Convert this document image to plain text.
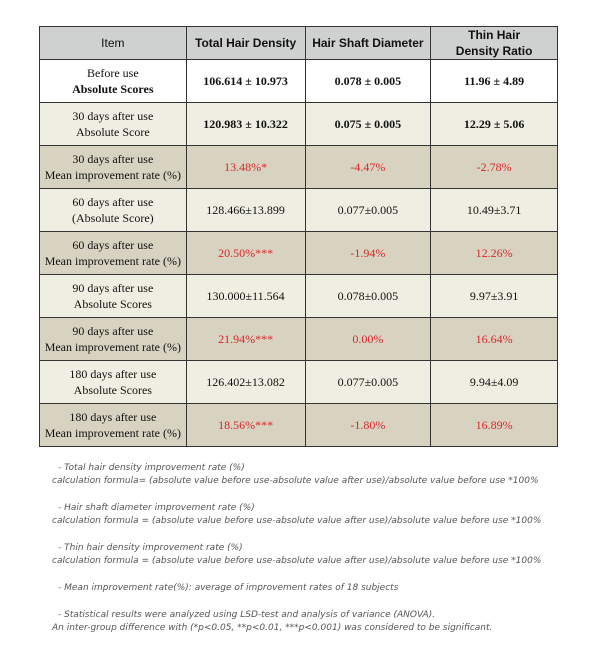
Item	Total Hair Density	Hair Shaft Diameter	Thin Hair
Density Ratio
Before use
Absolute Scores	106.614 ± 10.973	0.078 ± 0.005	11.96 ± 4.89
30 days after use
Absolute Score	120.983 ± 10.322	0.075 ± 0.005	12.29 ± 5.06
30 days after use
Mean improvement rate (%)	13.48%*	-4.47%	-2.78%
60 days after use
(Absolute Score)	128.466±13.899	0.077±0.005	10.49±3.71
60 days after use
Mean improvement rate (%)	20.50%***	-1.94%	12.26%
90 days after use
Absolute Scores	130.000±11.564	0.078±0.005	9.97±3.91
90 days after use
Mean improvement rate (%)	21.94%***	0.00%	16.64%
180 days after use
Absolute Scores	126.402±13.082	0.077±0.005	9.94±4.09
180 days after use
Mean improvement rate (%)	18.56%***	-1.80%	16.89%
- Total hair density improvement rate (%)
calculation formula= (absolute value before use-absolute value after use)/absolute value before use *100%
- Hair shaft diameter improvement rate (%)
calculation formula = (absolute value before use-absolute value after use)/absolute value before use *100%
- Thin hair density improvement rate (%)
calculation formula = (absolute value before use-absolute value after use)/absolute value before use *100%
- Mean improvement rate(%): average of improvement rates of 18 subjects
- Statistical results were analyzed using LSD-test and analysis of variance (ANOVA).
An inter-group difference with (*p<0.05, **p<0.01, ***p<0.001) was considered to be significant.
